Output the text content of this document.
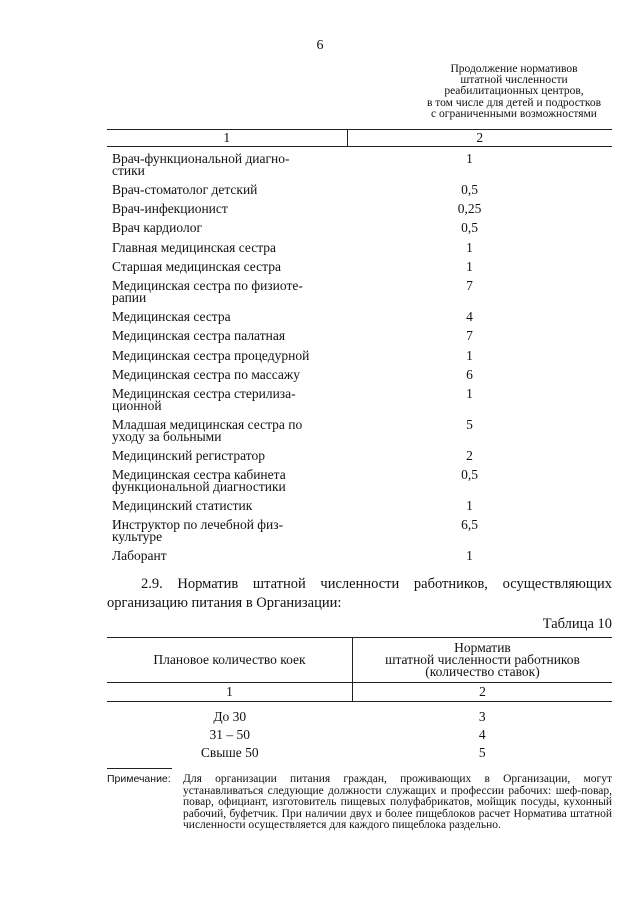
6
Продолжение нормативов
штатной численности
реабилитационных центров,
в том числе для детей и подростков
с ограниченными возможностями
1	2

Врач-функциональной диагно-
стики	1

Врач-стоматолог детский	0,5

Врач-инфекционист	0,25

Врач кардиолог	0,5

Главная медицинская сестра	1

Старшая медицинская сестра	1

Медицинская сестра по физиоте-
рапии	7

Медицинская сестра	4

Медицинская сестра палатная	7

Медицинская сестра процедурной	1

Медицинская сестра по массажу	6

Медицинская сестра стерилиза-
ционной	1

Младшая медицинская сестра по
уходу за больными	5

Медицинский регистратор	2

Медицинская сестра кабинета
функциональной диагностики	0,5

Медицинский статистик	1

Инструктор по лечебной физ-
культуре	6,5

Лаборант	1
2.9. Норматив штатной численности работников, осуществляющих организацию питания в Организации:
Таблица 10
Плановое количество коек	Норматив
штатной численности работников
(количество ставок)

1	2

До 30	3
31 – 50	4
Свыше 50	5
Примечание: Для организации питания граждан, проживающих в Организации, могут устанавливаться следующие должности служащих и профессии рабочих: шеф-повар, повар, официант, изготовитель пищевых полуфабрикатов, мойщик посуды, кухонный рабочий, буфетчик. При наличии двух и более пищеблоков расчет Норматива штатной численности осуществляется для каждого пищеблока раздельно.
